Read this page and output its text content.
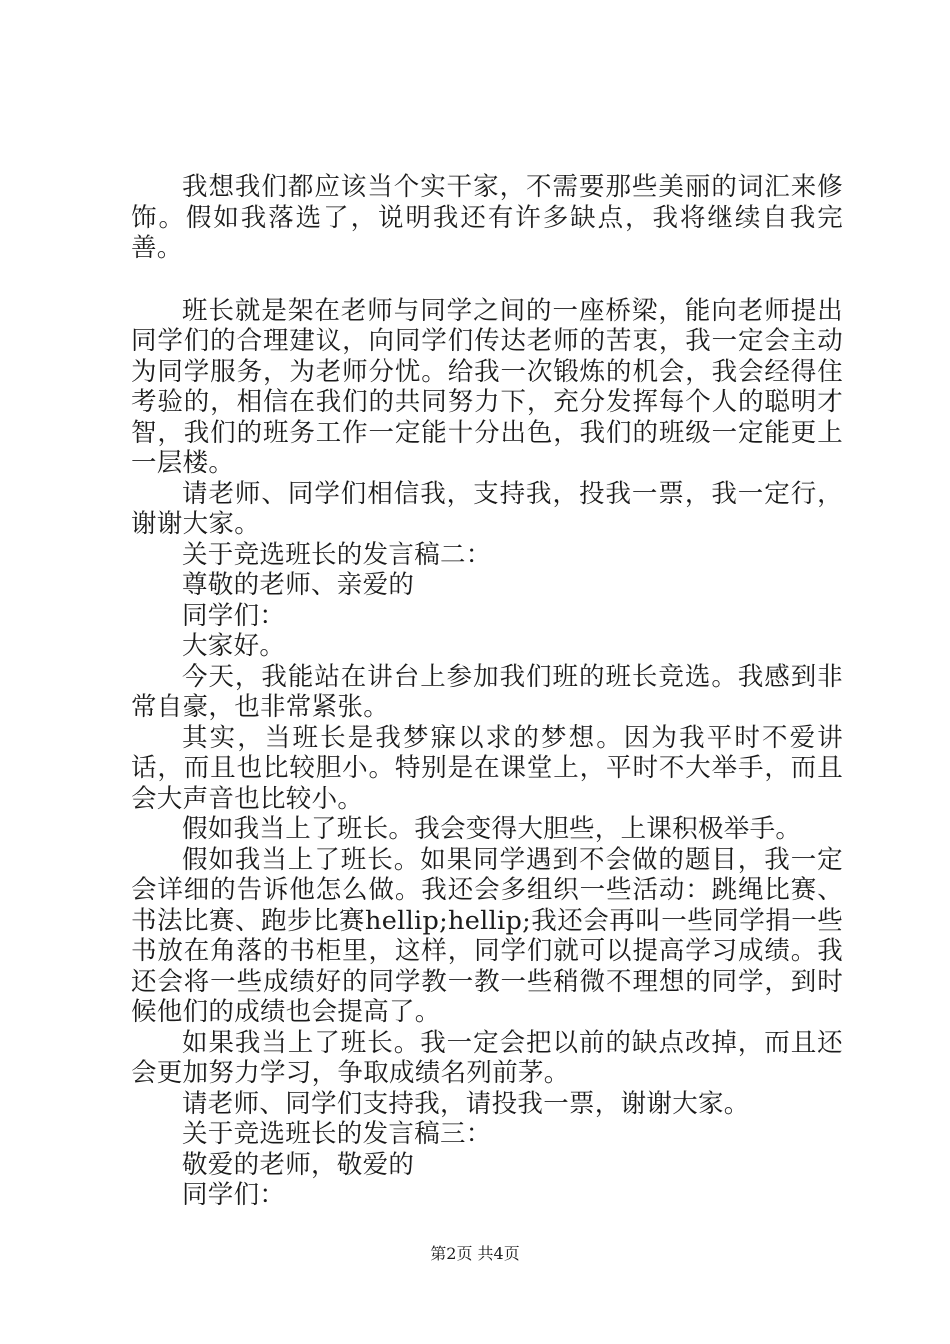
我想我们都应该当个实干家，不需要那些美丽的词汇来修饰。假如我落选了，说明我还有许多缺点，我将继续自我完善。

班长就是架在老师与同学之间的一座桥梁，能向老师提出同学们的合理建议，向同学们传达老师的苦衷，我一定会主动为同学服务，为老师分忧。给我一次锻炼的机会，我会经得住考验的，相信在我们的共同努力下，充分发挥每个人的聪明才智，我们的班务工作一定能十分出色，我们的班级一定能更上一层楼。

请老师、同学们相信我，支持我，投我一票，我一定行，谢谢大家。

关于竞选班长的发言稿二：

尊敬的老师、亲爱的

同学们：

大家好。

今天，我能站在讲台上参加我们班的班长竞选。我感到非常自豪，也非常紧张。

其实，当班长是我梦寐以求的梦想。因为我平时不爱讲话，而且也比较胆小。特别是在课堂上，平时不大举手，而且会大声音也比较小。

假如我当上了班长。我会变得大胆些，上课积极举手。

假如我当上了班长。如果同学遇到不会做的题目，我一定会详细的告诉他怎么做。我还会多组织一些活动：跳绳比赛、书法比赛、跑步比赛hellip;hellip;我还会再叫一些同学捐一些书放在角落的书柜里，这样，同学们就可以提高学习成绩。我还会将一些成绩好的同学教一教一些稍微不理想的同学，到时候他们的成绩也会提高了。

如果我当上了班长。我一定会把以前的缺点改掉，而且还会更加努力学习，争取成绩名列前茅。

请老师、同学们支持我，请投我一票，谢谢大家。

关于竞选班长的发言稿三：

敬爱的老师，敬爱的

同学们：

第2页 共4页
